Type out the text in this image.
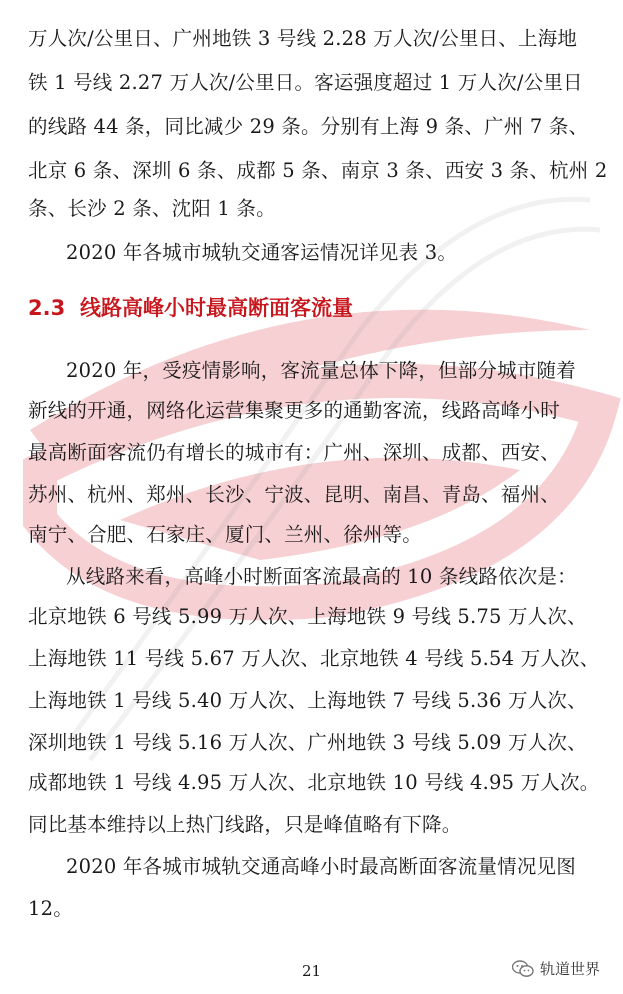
万人次/公里日、广州地铁 3 号线 2.28 万人次/公里日、上海地
铁 1 号线 2.27 万人次/公里日。客运强度超过 1 万人次/公里日
的线路 44 条，同比减少 29 条。分别有上海 9 条、广州 7 条、
北京 6 条、深圳 6 条、成都 5 条、南京 3 条、西安 3 条、杭州 2
条、长沙 2 条、沈阳 1 条。
2020 年各城市城轨交通客运情况详见表 3。
2.3 线路高峰小时最高断面客流量
2020 年，受疫情影响，客流量总体下降，但部分城市随着
新线的开通，网络化运营集聚更多的通勤客流，线路高峰小时
最高断面客流仍有增长的城市有：广州、深圳、成都、西安、
苏州、杭州、郑州、长沙、宁波、昆明、南昌、青岛、福州、
南宁、合肥、石家庄、厦门、兰州、徐州等。
从线路来看，高峰小时断面客流最高的 10 条线路依次是：
北京地铁 6 号线 5.99 万人次、上海地铁 9 号线 5.75 万人次、
上海地铁 11 号线 5.67 万人次、北京地铁 4 号线 5.54 万人次、
上海地铁 1 号线 5.40 万人次、上海地铁 7 号线 5.36 万人次、
深圳地铁 1 号线 5.16 万人次、广州地铁 3 号线 5.09 万人次、
成都地铁 1 号线 4.95 万人次、北京地铁 10 号线 4.95 万人次。
同比基本维持以上热门线路，只是峰值略有下降。
2020 年各城市城轨交通高峰小时最高断面客流量情况见图
12。
21	轨道世界
